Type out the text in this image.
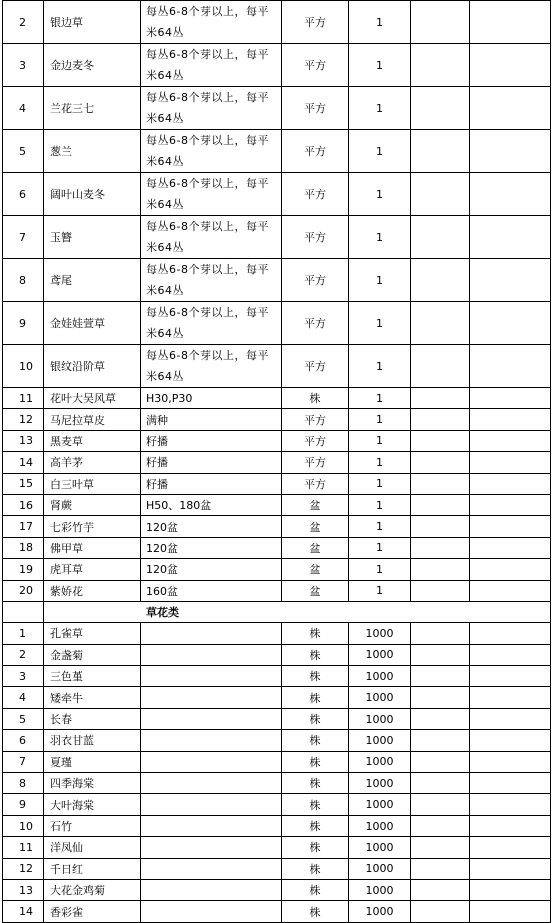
2	银边草	每丛6-8个芽以上，每平米64丛	平方	1		
3	金边麦冬	每丛6-8个芽以上，每平米64丛	平方	1		
4	兰花三七	每丛6-8个芽以上，每平米64丛	平方	1		
5	葱兰	每丛6-8个芽以上，每平米64丛	平方	1		
6	阔叶山麦冬	每丛6-8个芽以上，每平米64丛	平方	1		
7	玉簪	每丛6-8个芽以上，每平米64丛	平方	1		
8	鸢尾	每丛6-8个芽以上，每平米64丛	平方	1		
9	金娃娃萱草	每丛6-8个芽以上，每平米64丛	平方	1		
10	银纹沿阶草	每丛6-8个芽以上，每平米64丛	平方	1		
11	花叶大吴风草	H30,P30	株	1		
12	马尼拉草皮	满种	平方	1		
13	黑麦草	籽播	平方	1		
14	高羊茅	籽播	平方	1		
15	白三叶草	籽播	平方	1		
16	肾蕨	H50、180盆	盆	1		
17	七彩竹芋	120盆	盆	1		
18	佛甲草	120盆	盆	1		
19	虎耳草	120盆	盆	1		
20	紫娇花	160盆	盆	1		
	草花类					
1	孔雀草		株	1000		
2	金盏菊		株	1000		
3	三色堇		株	1000		
4	矮牵牛		株	1000		
5	长春		株	1000		
6	羽衣甘蓝		株	1000		
7	夏瑾		株	1000		
8	四季海棠		株	1000		
9	大叶海棠		株	1000		
10	石竹		株	1000		
11	洋凤仙		株	1000		
12	千日红		株	1000		
13	大花金鸡菊		株	1000		
14	香彩雀		株	1000		
